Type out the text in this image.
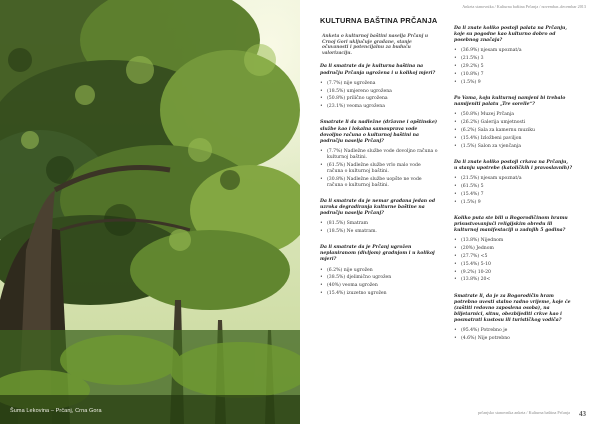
Šuma Lekovina – Prčanj, Crna Gora
Anketa stanovnika / Kulturna baština Prčanja / novembar–decembar 2013
KULTURNA BAŠTINA PRČANJA

Anketa o kulturnoj baštini naselja Prčanj u Crnoj Gori uključuje građane, stanje očuvanosti i potencijalnu za buduću valorizaciju.

Da li smatrate da je kulturna baština na području Prčanja ugrožena i u kolikoj mjeri?

• (7.7%) nije ugrožena
• (18.5%) umjereno ugrožena
• (50.8%) prilično ugrožena
• (23.1%) veoma ugrožena

Smatrate li da nadležne (državne i opštinske) službe kao i lokalna samouprava vode dovoljno računa o kulturnoj baštini na području naselja Prčanj?

• (7.7%) Nadležne službe vode dovoljno računa o kulturnoj baštini.
• (61.5%) Nadležne službe vrlo malo vode računa o kulturnoj baštini.
• (30.8%) Nadležne službe uopšte ne vode računa o kulturnoj baštini.

Da li smatrate da je nemar građana jedan od uzroka degradiranja kulturne baštine na području naselja Prčanj?

• (81.5%) Smatram
• (18.5%) Ne smatram.

Da li smatrate da je Prčanj ugrožen neplaniranom (divljom) gradnjom i u kolikoj mjeri?

• (6.2%) nije ugrožen
• (38.5%) djelimično ugrožen
• (40%) veoma ugrožen
• (15.4%) izuzetno ugrožen

Da li znate koliko postoji palata na Prčanju, koje su pogodne kao kulturno dobro od posebnog značaja?

• (36.9%) njesam upoznat/a
• (21.5%) 3
• (29.2%) 5
• (10.8%) 7
• (1.5%) 9

Po Vama, koju kulturnoj namjeni bi trebalo namijeniti palatu „Tre sorelle“?

• (50.8%) Muzej Prčanja
• (26.2%) Galerija umjetnosti
• (6.2%) Sala za kamernu muziku
• (15.4%) Izložbeni paviljon
• (1.5%) Salon za vjenčanja

Da li znate koliko postoji crkava na Prčanju, u stanju upotrebe (katoličkih i pravoslavnih)?

• (21.5%) njesam upoznat/a
• (61.5%) 5
• (15.4%) 7
• (1.5%) 9

Koliko puta ste bili u Bogorodičinom hramu prisustvovanjući religijskim obredu ili kulturnoj manifestaciji u zadnjih 5 godina?

• (13.8%) Nijednom
• (20%) Jednom
• (27.7%) <5
• (15.4%) 5-10
• (9.2%) 10-20
• (13.8%) 20<

Smatrate li, da je za Bogorodičin hram potrebno uvesti stalno radno vrijeme, koje će (zaštiti redovno zaposlena osoba), na biljetarnici, sitnu, obezbijediti crkve kao i posmatrati kustosu ili turističkog vodiča?

• (95.4%) Potrebno je
• (4.6%) Nije potrebno
prčanjsko stanovnika anketa / Kulturna baština Prčanja 43
